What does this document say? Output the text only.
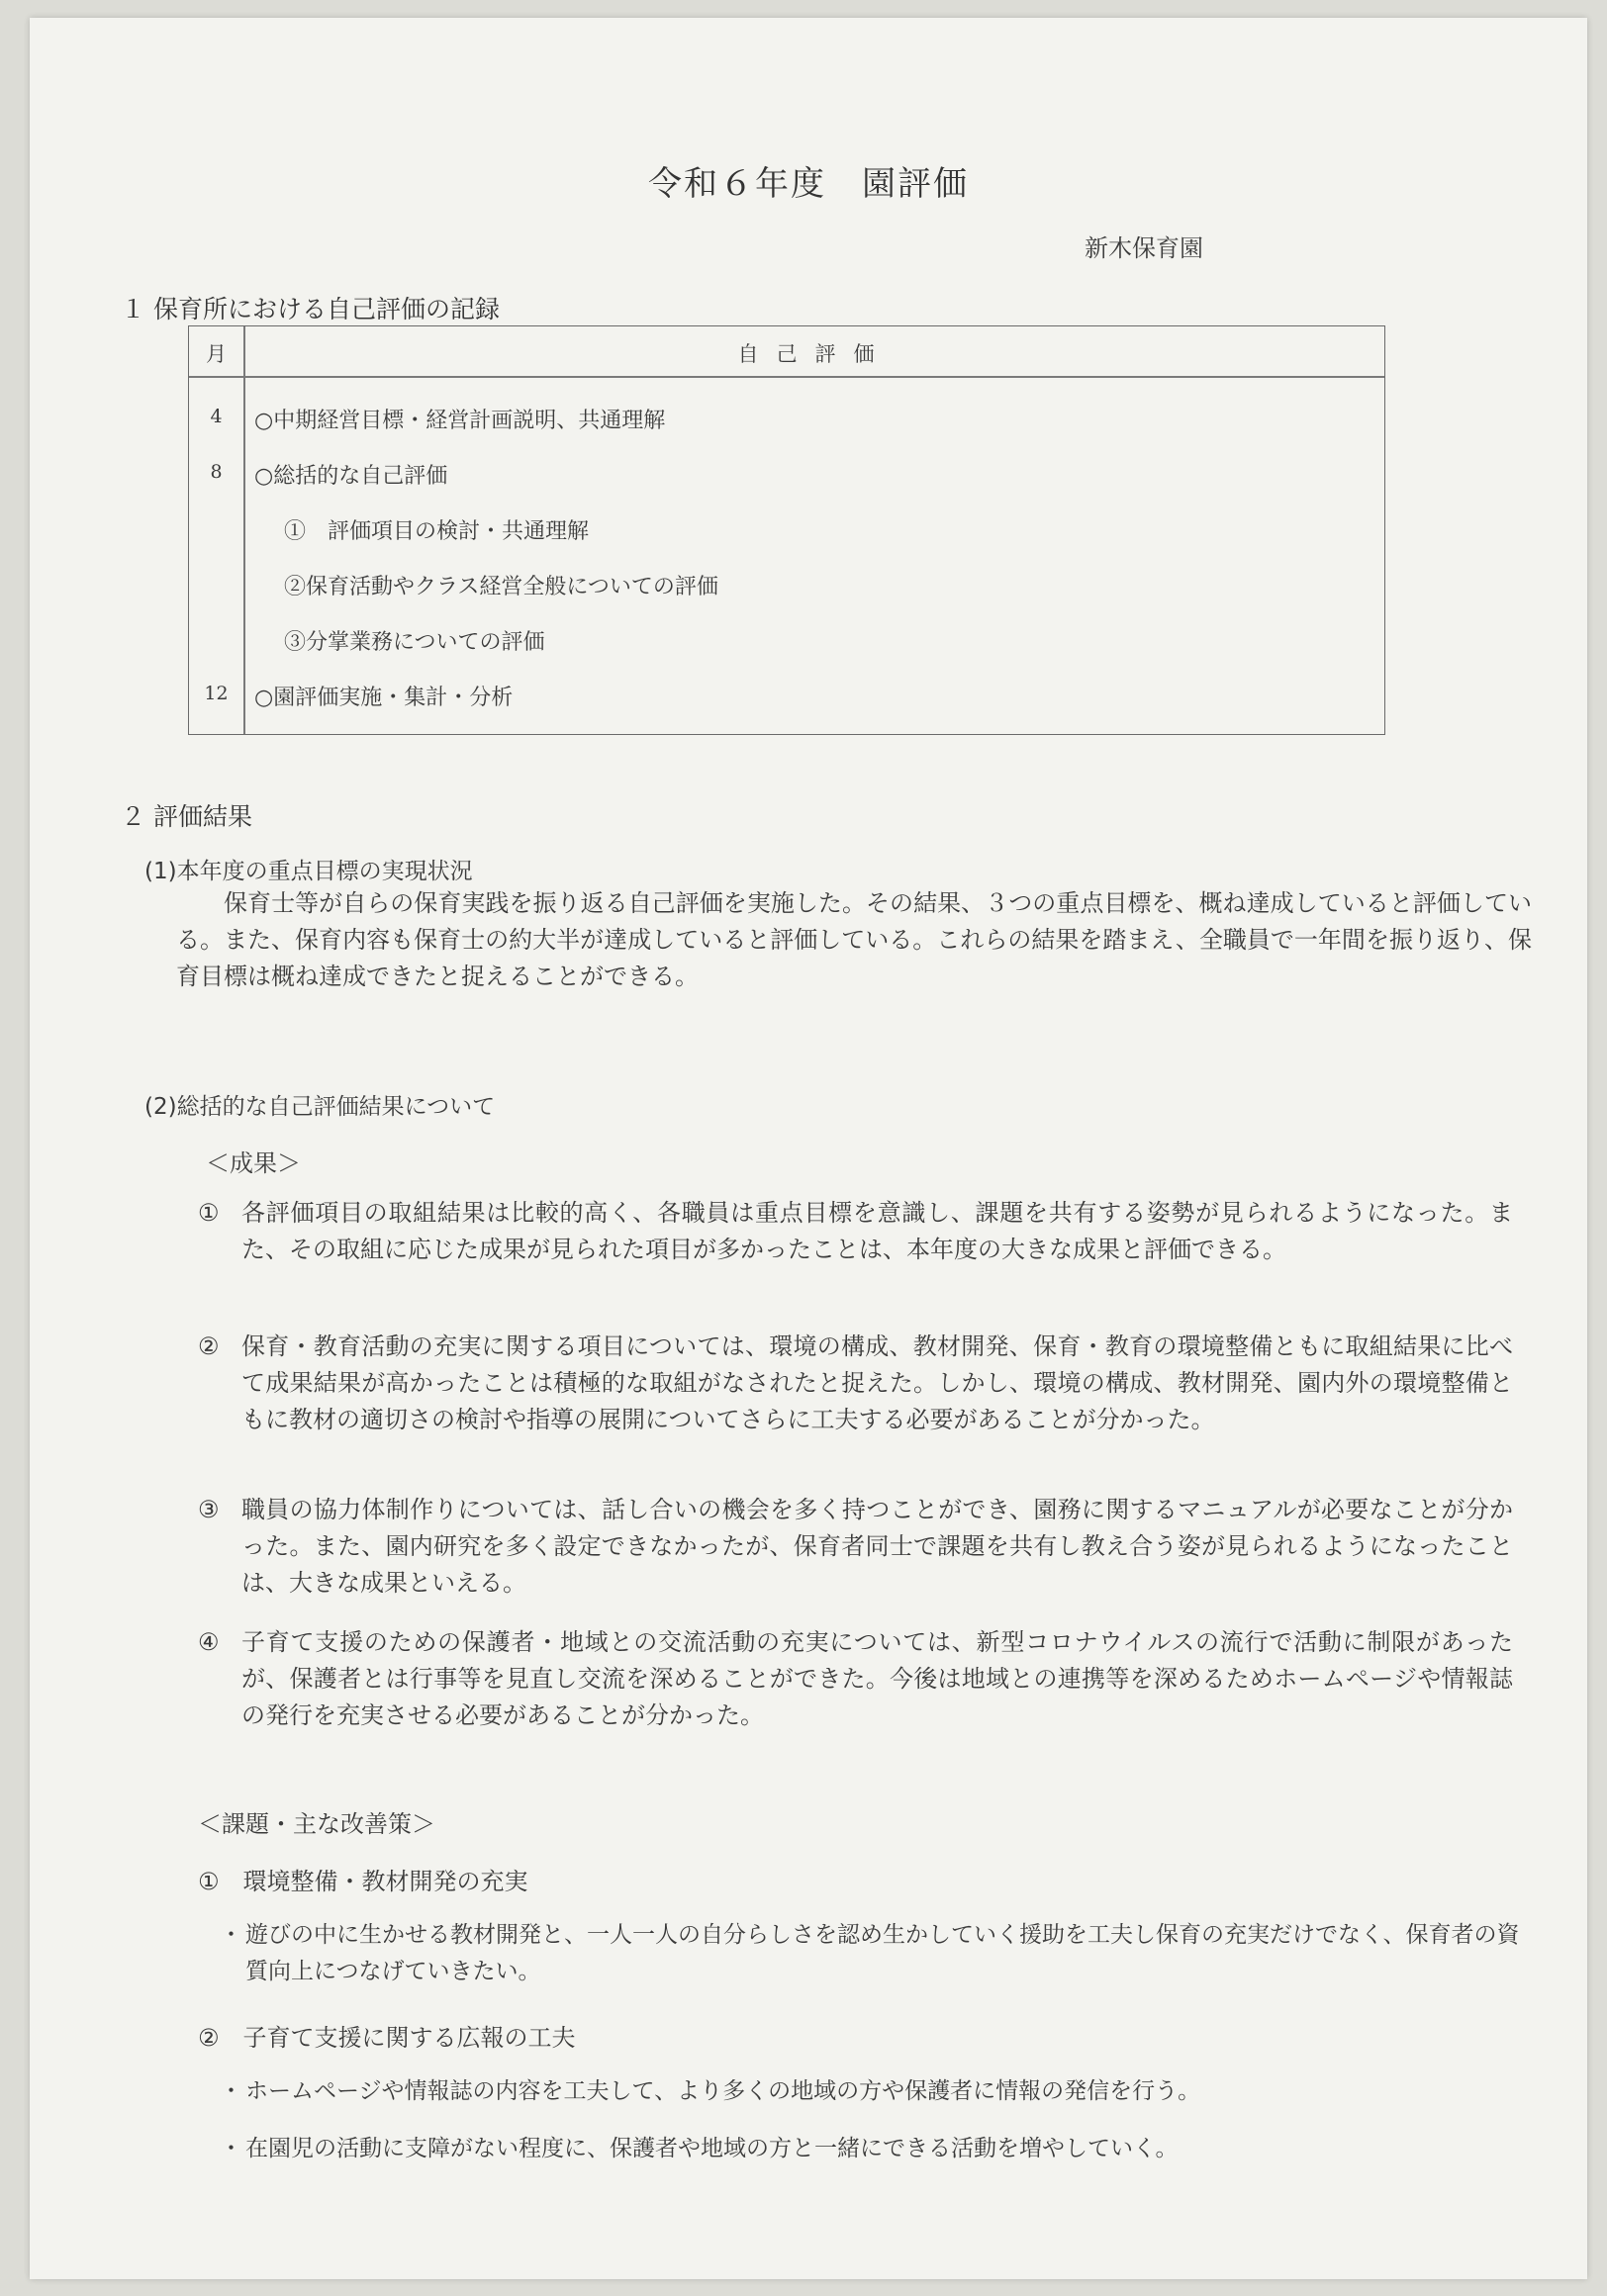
令和６年度　園評価
新木保育園
１ 保育所における自己評価の記録
月	自己評価
4	○中期経営目標・経営計画説明、共通理解
8	○総括的な自己評価
①　評価項目の検討・共通理解
②保育活動やクラス経営全般についての評価
③分掌業務についての評価
12	○園評価実施・集計・分析
２ 評価結果
(1)本年度の重点目標の実現状況
保育士等が自らの保育実践を振り返る自己評価を実施した。その結果、３つの重点目標を、概ね達成していると評価している。また、保育内容も保育士の約大半が達成していると評価している。これらの結果を踏まえ、全職員で一年間を振り返り、保育目標は概ね達成できたと捉えることができる。
(2)総括的な自己評価結果について
＜成果＞
① 各評価項目の取組結果は比較的高く、各職員は重点目標を意識し、課題を共有する姿勢が見られるようになった。また、その取組に応じた成果が見られた項目が多かったことは、本年度の大きな成果と評価できる。
② 保育・教育活動の充実に関する項目については、環境の構成、教材開発、保育・教育の環境整備ともに取組結果に比べて成果結果が高かったことは積極的な取組がなされたと捉えた。しかし、環境の構成、教材開発、園内外の環境整備ともに教材の適切さの検討や指導の展開についてさらに工夫する必要があることが分かった。
③ 職員の協力体制作りについては、話し合いの機会を多く持つことができ、園務に関するマニュアルが必要なことが分かった。また、園内研究を多く設定できなかったが、保育者同士で課題を共有し教え合う姿が見られるようになったことは、大きな成果といえる。
④ 子育て支援のための保護者・地域との交流活動の充実については、新型コロナウイルスの流行で活動に制限があったが、保護者とは行事等を見直し交流を深めることができた。今後は地域との連携等を深めるためホームページや情報誌の発行を充実させる必要があることが分かった。
＜課題・主な改善策＞
①　環境整備・教材開発の充実
・ 遊びの中に生かせる教材開発と、一人一人の自分らしさを認め生かしていく援助を工夫し保育の充実だけでなく、保育者の資質向上につなげていきたい。
②　子育て支援に関する広報の工夫
・ ホームページや情報誌の内容を工夫して、より多くの地域の方や保護者に情報の発信を行う。
・ 在園児の活動に支障がない程度に、保護者や地域の方と一緒にできる活動を増やしていく。
